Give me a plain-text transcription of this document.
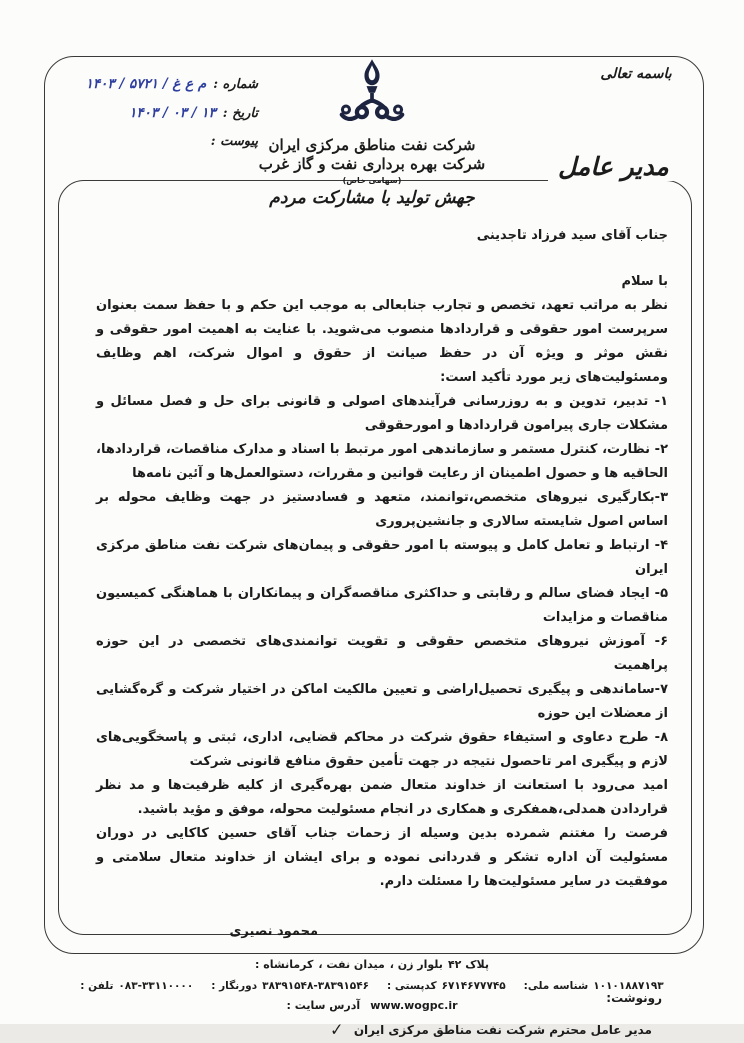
باسمه تعالی
مدیر عامل
شماره :
۱۴۰۳ / م ع غ / ۵۷۲۱
تاریخ :
۱۴۰۳ / ۰۳ / ۱۳
پیوست : شرکت نفت مناطق مرکزی ایران
شرکت بهره برداری نفت و گاز غرب
(سهامی خاص)
جهش تولید با مشارکت مردم

جناب آقای سید فرزاد تاجدینی

با سلام

نظر به مراتب تعهد، تخصص و تجارب جنابعالی به موجب این حکم و با حفظ سمت بعنوان سرپرست امور حقوقی و قراردادها منصوب می‌شوید. با عنایت به اهمیت امور حقوقی و نقش موثر و ویژه آن در حفظ صیانت از حقوق و اموال شرکت، اهم وظایف ومسئولیت‌های زیر مورد تأکید است:

۱- تدبیر، تدوین و به روزرسانی فرآیندهای اصولی و قانونی برای حل و فصل مسائل و مشکلات جاری پیرامون قراردادها و امورحقوقی

۲- نظارت، کنترل مستمر و سازماندهی امور مرتبط با اسناد و مدارک مناقصات، قراردادها، الحاقیه ها و حصول اطمینان از رعایت قوانین و مقررات، دستوالعمل‌ها و آئین نامه‌ها

۳-بکارگیری نیروهای متخصص،توانمند، متعهد و فسادستیز در جهت وظایف محوله بر اساس اصول شایسته سالاری و جانشین‌پروری

۴- ارتباط و تعامل کامل و پیوسته با امور حقوقی و پیمان‌های شرکت نفت مناطق مرکزی ایران

۵- ایجاد فضای سالم و رقابتی و حداکثری مناقصه‌گران و پیمانکاران با هماهنگی کمیسیون مناقصات و مزایدات

۶- آموزش نیروهای متخصص حقوقی و تقویت توانمندی‌های تخصصی در این حوزه پراهمیت

۷-ساماندهی و پیگیری تحصیل‌اراضی و تعیین مالکیت اماکن در اختیار شرکت و گره‌گشایی از معضلات این حوزه

۸- طرح دعاوی و استیفاء حقوق شرکت در محاکم قضایی، اداری، ثبتی و پاسخگویی‌های لازم و پیگیری امر تاحصول نتیجه در جهت تأمین حقوق منافع قانونی شرکت

امید می‌رود با استعانت از خداوند متعال ضمن بهره‌گیری از کلیه ظرفیت‌ها و مد نظر قراردادن همدلی،همفکری و همکاری در انجام مسئولیت محوله، موفق و مؤید باشید.

فرصت را مغتنم شمرده بدین وسیله از زحمات جناب آقای حسین کاکایی در دوران مسئولیت آن اداره تشکر و قدردانی نموده و برای ایشان از خداوند متعال سلامتی و موفقیت در سایر مسئولیت‌ها را مسئلت دارم.

محمود نصیری

رونوشت:
مدیر عامل محترم شرکت نفت مناطق مرکزی ایران
✓
کرمانشاه : میدان نفت ، بلوار زن ، پلاک ۴۲
تلفن : ۰۸۳-۳۳۱۱۰۰۰۰ دورنگار : ۳۸۳۹۱۵۴۸-۳۸۳۹۱۵۴۶ کدپستی : ۶۷۱۴۶۷۷۷۴۵ شناسه ملی: ۱۰۱۰۱۸۸۷۱۹۳
آدرس سایت : www.wogpc.ir
